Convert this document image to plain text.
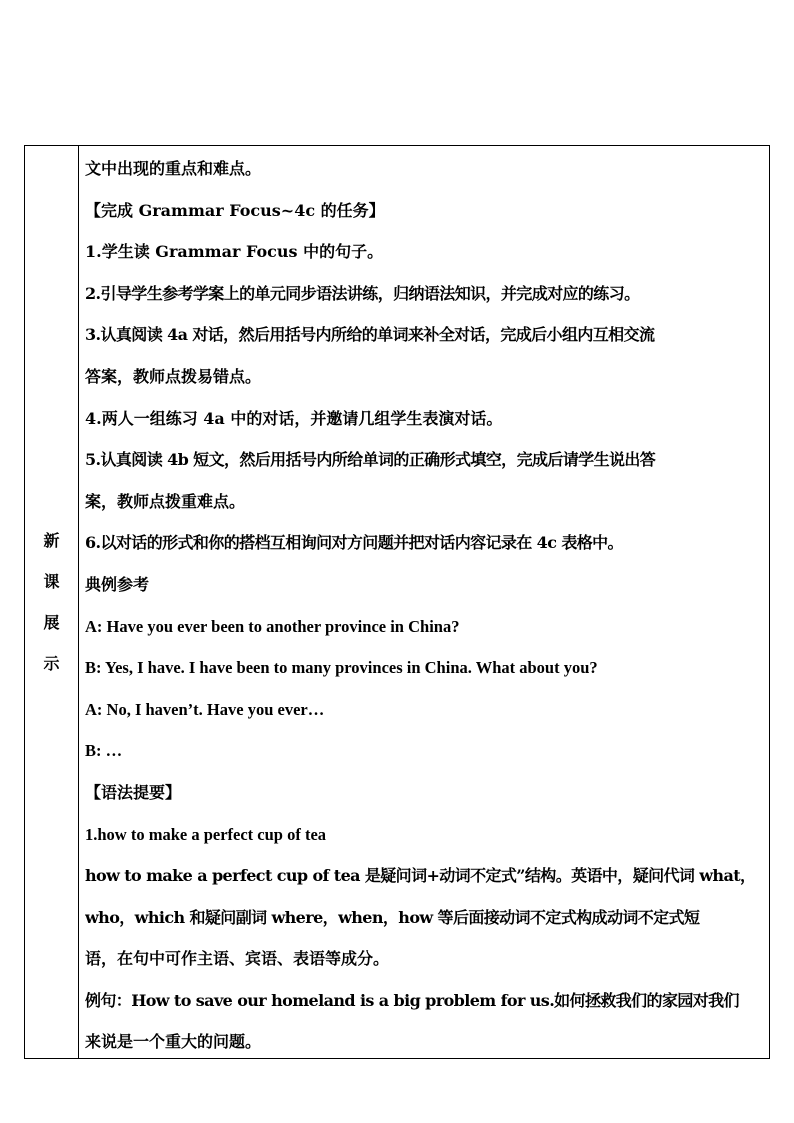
新
课
展
示
文中出现的重点和难点。
【完成 Grammar Focus~4c 的任务】
1.学生读 Grammar Focus 中的句子。
2.引导学生参考学案上的单元同步语法讲练，归纳语法知识，并完成对应的练习。
3.认真阅读 4a 对话，然后用括号内所给的单词来补全对话，完成后小组内互相交流
答案，教师点拨易错点。
4.两人一组练习 4a 中的对话，并邀请几组学生表演对话。
5.认真阅读 4b 短文，然后用括号内所给单词的正确形式填空，完成后请学生说出答
案，教师点拨重难点。
6.以对话的形式和你的搭档互相询问对方问题并把对话内容记录在 4c 表格中。
典例参考
A: Have you ever been to another province in China?
B: Yes, I have. I have been to many provinces in China. What about you?
A: No, I haven’t. Have you ever…
B: …
【语法提要】
1.how to make a perfect cup of tea
how to make a perfect cup of tea 是疑问词+动词不定式”结构。英语中，疑问代词 what，
who，which 和疑问副词 where，when，how 等后面接动词不定式构成动词不定式短
语，在句中可作主语、宾语、表语等成分。
例句：How to save our homeland is a big problem for us.如何拯救我们的家园对我们
来说是一个重大的问题。
